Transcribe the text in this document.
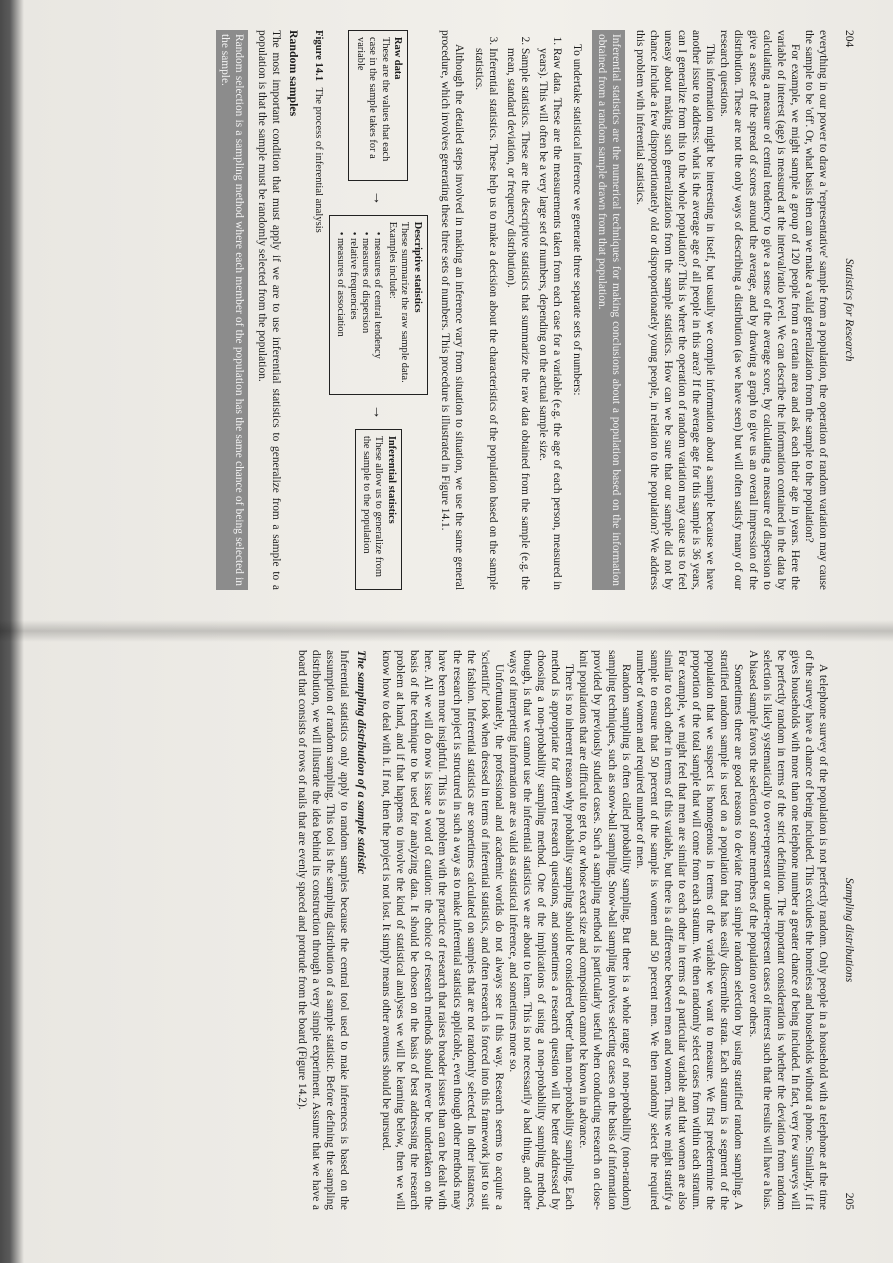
204
Statistics for Research

everything in our power to draw a 'representative' sample from a population, the operation of random variation may cause the sample to be 'off'. Or, what basis then can we make a valid generalization from the sample to the population?

For example, we might sample a group of 120 people from a certain area and ask each their age in years. Here the variable of interest (age) is measured at the interval/ratio level. We can describe the information contained in the data by calculating a measure of central tendency to give a sense of the average score, by calculating a measure of dispersion to give a sense of the spread of scores around the average, and by drawing a graph to give us an overall impression of the distribution. These are not the only ways of describing a distribution (as we have seen) but will often satisfy many of our research questions.

This information might be interesting in itself, but usually we compile information about a sample because we have another issue to address: what is the average age of all people in this area? If the average age for this sample is 36 years, can I generalize from this to the whole population? This is where the operation of random variation may cause us to feel uneasy about making such generalizations from the sample statistics. How can we be sure that our sample did not by chance include a few disproportionately old or disproportionately young people, in relation to the population? We address this problem with inferential statistics.

Inferential statistics are the numerical techniques for making conclusions about a population based on the information obtained from a random sample drawn from that population.

To undertake statistical inference we generate three separate sets of numbers:

1. Raw data. These are the measurements taken from each case for a variable (e.g. the age of each person, measured in years). This will often be a very large set of numbers, depending on the actual sample size.
2. Sample statistics. These are the descriptive statistics that summarize the raw data obtained from the sample (e.g. the mean, standard deviation, or frequency distribution).
3. Inferential statistics. These help us to make a decision about the characteristics of the population based on the sample statistics.

Although the detailed steps involved in making an inference vary from situation to situation, we use the same general procedure, which involves generating these three sets of numbers. This procedure is illustrated in Figure 14.1.

Raw data
These are the values that each case in the sample takes for a variable
→
Descriptive statistics
These summarize the raw sample data. Examples include:
• measures of central tendency
• measures of dispersion
• relative frequencies
• measures of association
→
Inferential statistics
These allow us to generalize from the sample to the population
Figure 14.1 The process of inferential analysis
Random samples

The most important condition that must apply if we are to use inferential statistics to generalize from a sample to a population is that the sample must be randomly selected from the population.

Random selection is a sampling method where each member of the population has the same chance of being selected in the sample.
Sampling distributions
205

A telephone survey of the population is not perfectly random. Only people in a household with a telephone at the time of the survey have a chance of being included. This excludes the homeless and households without a phone. Similarly, if it gives households with more than one telephone number a greater chance of being included. In fact, very few surveys will be perfectly random in terms of the strict definition. The important consideration is whether the deviation from random selection is likely systematically to over-represent or under-represent cases of interest such that the results will have a bias. A biased sample favors the selection of some members of the population over others.

Sometimes there are good reasons to deviate from simple random selection by using stratified random sampling. A stratified random sample is used on a population that has easily discernible strata. Each stratum is a segment of the population that we suspect is homogenous in terms of the variable we want to measure. We first predetermine the proportion of the total sample that will come from each stratum. We then randomly select cases from within each stratum. For example, we might feel that men are similar to each other in terms of a particular variable and that women are also similar to each other in terms of this variable, but there is a difference between men and women. Thus we might stratify a sample to ensure that 50 percent of the sample is women and 50 percent men. We then randomly select the required number of women and required number of men.

Random sampling is often called probability sampling. But there is a whole range of non-probability (non-random) sampling techniques, such as snow-ball sampling. Snow-ball sampling involves selecting cases on the basis of information provided by previously studied cases. Such a sampling method is particularly useful when conducting research on close-knit populations that are difficult to get to, or whose exact size and composition cannot be known in advance.

There is no inherent reason why probability sampling should be considered 'better' than non-probability sampling. Each method is appropriate for different research questions, and sometimes a research question will be better addressed by choosing a non-probability sampling method. One of the implications of using a non-probability sampling method, though, is that we cannot use the inferential statistics we are about to learn. This is not necessarily a bad thing, and other ways of interpreting information are as valid as statistical inference, and sometimes more so.

Unfortunately, the professional and academic worlds do not always see it this way. Research seems to acquire a 'scientific' look when dressed in terms of inferential statistics, and often research is forced into this framework just to suit the fashion. Inferential statistics are sometimes calculated on samples that are not randomly selected. In other instances, the research project is structured in such a way as to make inferential statistics applicable, even though other methods may have been more insightful. This is a problem with the practice of research that raises broader issues than can be dealt with here. All we will do now is issue a word of caution: the choice of research methods should never be undertaken on the basis of the technique to be used for analyzing data. It should be chosen on the basis of best addressing the research problem at hand, and if that happens to involve the kind of statistical analyses we will be learning below, then we will know how to deal with it. If not, then the project is not lost. It simply means other avenues should be pursued.

The sampling distribution of a sample statistic

Inferential statistics only apply to random samples because the central tool used to make inferences is based on the assumption of random sampling. This tool is the sampling distribution of a sample statistic. Before defining the sampling distribution, we will illustrate the idea behind its construction through a very simple experiment. Assume that we have a board that consists of rows of nails that are evenly spaced and protrude from the board (Figure 14.2).
